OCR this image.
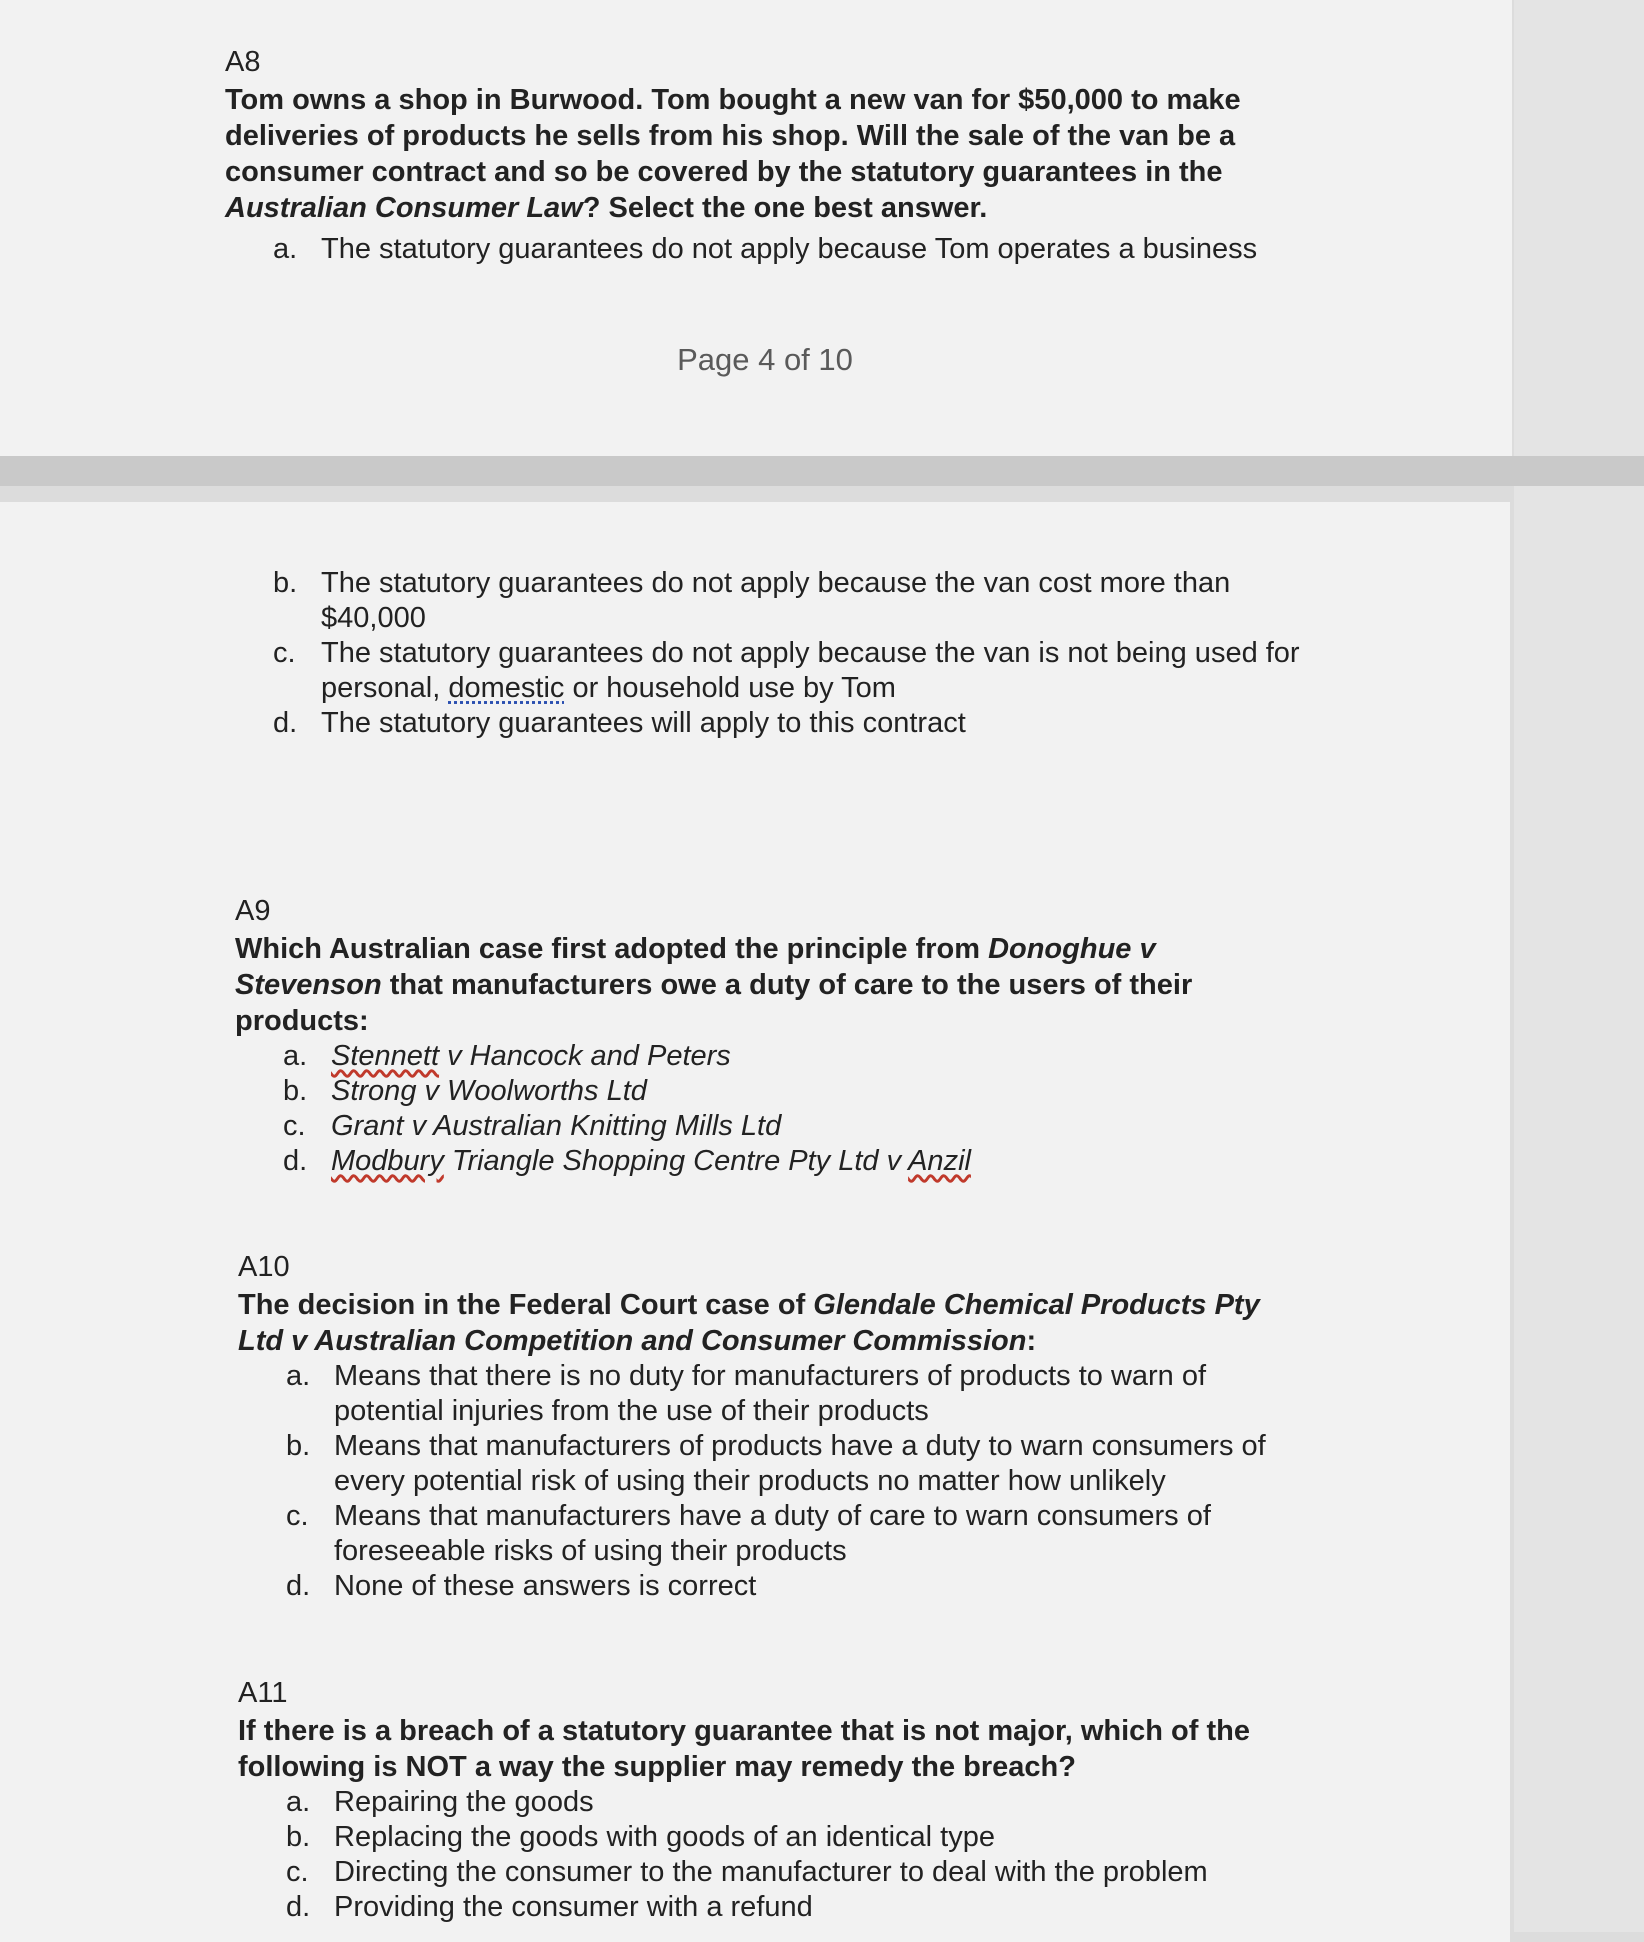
A8
Tom owns a shop in Burwood. Tom bought a new van for $50,000 to make deliveries of products he sells from his shop. Will the sale of the van be a consumer contract and so be covered by the statutory guarantees in the Australian Consumer Law? Select the one best answer.
a. The statutory guarantees do not apply because Tom operates a business
Page 4 of 10
b. The statutory guarantees do not apply because the van cost more than $40,000
c. The statutory guarantees do not apply because the van is not being used for personal, domestic or household use by Tom
d. The statutory guarantees will apply to this contract
A9
Which Australian case first adopted the principle from Donoghue v Stevenson that manufacturers owe a duty of care to the users of their products:
a. Stennett v Hancock and Peters
b. Strong v Woolworths Ltd
c. Grant v Australian Knitting Mills Ltd
d. Modbury Triangle Shopping Centre Pty Ltd v Anzil
A10
The decision in the Federal Court case of Glendale Chemical Products Pty Ltd v Australian Competition and Consumer Commission:
a. Means that there is no duty for manufacturers of products to warn of potential injuries from the use of their products
b. Means that manufacturers of products have a duty to warn consumers of every potential risk of using their products no matter how unlikely
c. Means that manufacturers have a duty of care to warn consumers of foreseeable risks of using their products
d. None of these answers is correct
A11
If there is a breach of a statutory guarantee that is not major, which of the following is NOT a way the supplier may remedy the breach?
a. Repairing the goods
b. Replacing the goods with goods of an identical type
c. Directing the consumer to the manufacturer to deal with the problem
d. Providing the consumer with a refund
